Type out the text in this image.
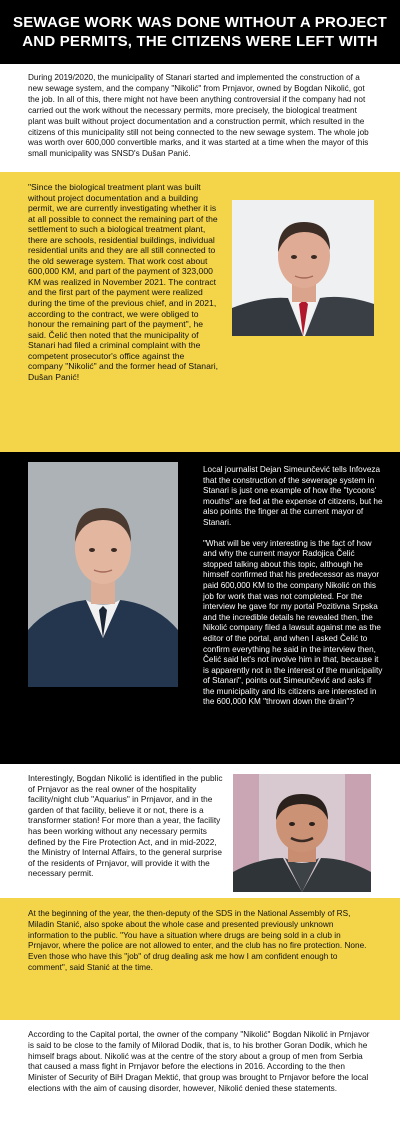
SEWAGE WORK WAS DONE WITHOUT A PROJECT
AND PERMITS, THE CITIZENS WERE LEFT WITH

During 2019/2020, the municipality of Stanari started and implemented the construction of a new sewage system, and the company "Nikolić" from Prnjavor, owned by Bogdan Nikolić, got the job. In all of this, there might not have been anything controversial if the company had not carried out the work without the necessary permits, more precisely, the biological treatment plant was built without project documentation and a construction permit, which resulted in the citizens of this municipality still not being connected to the new sewage system. The whole job was worth over 600,000 convertible marks, and it was started at a time when the mayor of this small municipality was SNSD's Dušan Panić.

"Since the biological treatment plant was built without project documentation and a building permit, we are currently investigating whether it is at all possible to connect the remaining part of the settlement to such a biological treatment plant, there are schools, residential buildings, individual residential units and they are all still connected to the old sewerage system. That work cost about 600,000 KM, and part of the payment of 323,000 KM was realized in November 2021. The contract and the first part of the payment were realized during the time of the previous chief, and in 2021, according to the contract, we were obliged to honour the remaining part of the payment", he said. Čelić then noted that the municipality of Stanari had filed a criminal complaint with the competent prosecutor's office against the company "Nikolić" and the former head of Stanari, Dušan Panić!

Local journalist Dejan Simeunčević tells Infoveza that the construction of the sewerage system in Stanari is just one example of how the "tycoons' mouths" are fed at the expense of citizens, but he also points the finger at the current mayor of Stanari.

"What will be very interesting is the fact of how and why the current mayor Radojica Čelić stopped talking about this topic, although he himself confirmed that his predecessor as mayor paid 600,000 KM to the company Nikolić on this job for work that was not completed. For the interview he gave for my portal Pozitivna Srpska and the incredible details he revealed then, the Nikolić company filed a lawsuit against me as the editor of the portal, and when I asked Čelić to confirm everything he said in the interview then, Čelić said let's not involve him in that, because it is apparently not in the interest of the municipality of Stanari", points out Simeunčević and asks if the municipality and its citizens are interested in the 600,000 KM "thrown down the drain"?

Interestingly, Bogdan Nikolić is identified in the public of Prnjavor as the real owner of the hospitality facility/night club "Aquarius" in Prnjavor, and in the garden of that facility, believe it or not, there is a transformer station! For more than a year, the facility has been working without any necessary permits defined by the Fire Protection Act, and in mid-2022, the Ministry of Internal Affairs, to the general surprise of the residents of Prnjavor, will provide it with the necessary permit.

At the beginning of the year, the then-deputy of the SDS in the National Assembly of RS, Miladin Stanić, also spoke about the whole case and presented previously unknown information to the public. "You have a situation where drugs are being sold in a club in Prnjavor, where the police are not allowed to enter, and the club has no fire protection. None. Even those who have this "job" of drug dealing ask me how I am confident enough to comment", said Stanić at the time.

According to the Capital portal, the owner of the company "Nikolić" Bogdan Nikolić in Prnjavor is said to be close to the family of Milorad Dodik, that is, to his brother Goran Dodik, which he himself brags about. Nikolić was at the centre of the story about a group of men from Serbia that caused a mass fight in Prnjavor before the elections in 2016. According to the then Minister of Security of BiH Dragan Mektić, that group was brought to Prnjavor before the local elections with the aim of causing disorder, however, Nikolić denied these statements.
